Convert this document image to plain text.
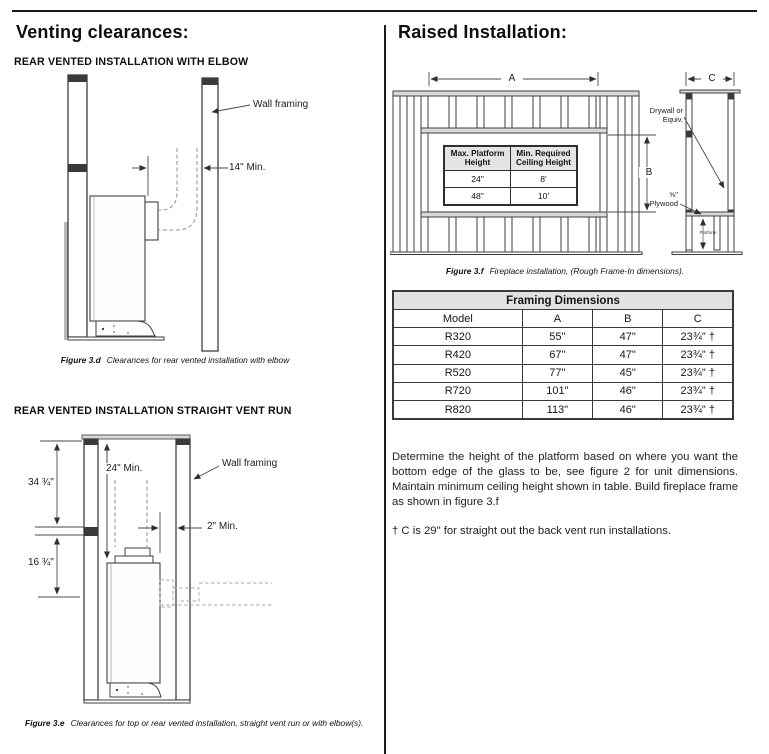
Venting clearances:
REAR VENTED INSTALLATION WITH ELBOW
Wall framing
14" Min.
Figure 3.d Clearances for rear vented installation with elbow
REAR VENTED INSTALLATION STRAIGHT VENT RUN
34 ¾"
16 ¾"
24" Min.
2" Min.
Wall framing
Figure 3.e Clearances for top or rear vented installation, straight vent run or with elbow(s).
Raised Installation:
A
B
C
Drywall or Equiv.
⅝" Plywood
Platform
Max. Platform Height	Min. Required Ceiling Height
24"	8'
48"	10'
Figure 3.f Fireplace installation, (Rough Frame-In dimensions).
Framing Dimensions			
Model	A	B	C
R320	55"	47"	23¾" †
R420	67"	47"	23¾" †
R520	77"	45"	23¾" †
R720	101"	46"	23¾" †
R820	113"	46"	23¾" †

Determine the height of the platform based on where you want the bottom edge of the glass to be, see figure 2 for unit dimensions. Maintain minimum ceiling height shown in table. Build fireplace frame as shown in figure 3.f

† C is 29" for straight out the back vent run installations.
